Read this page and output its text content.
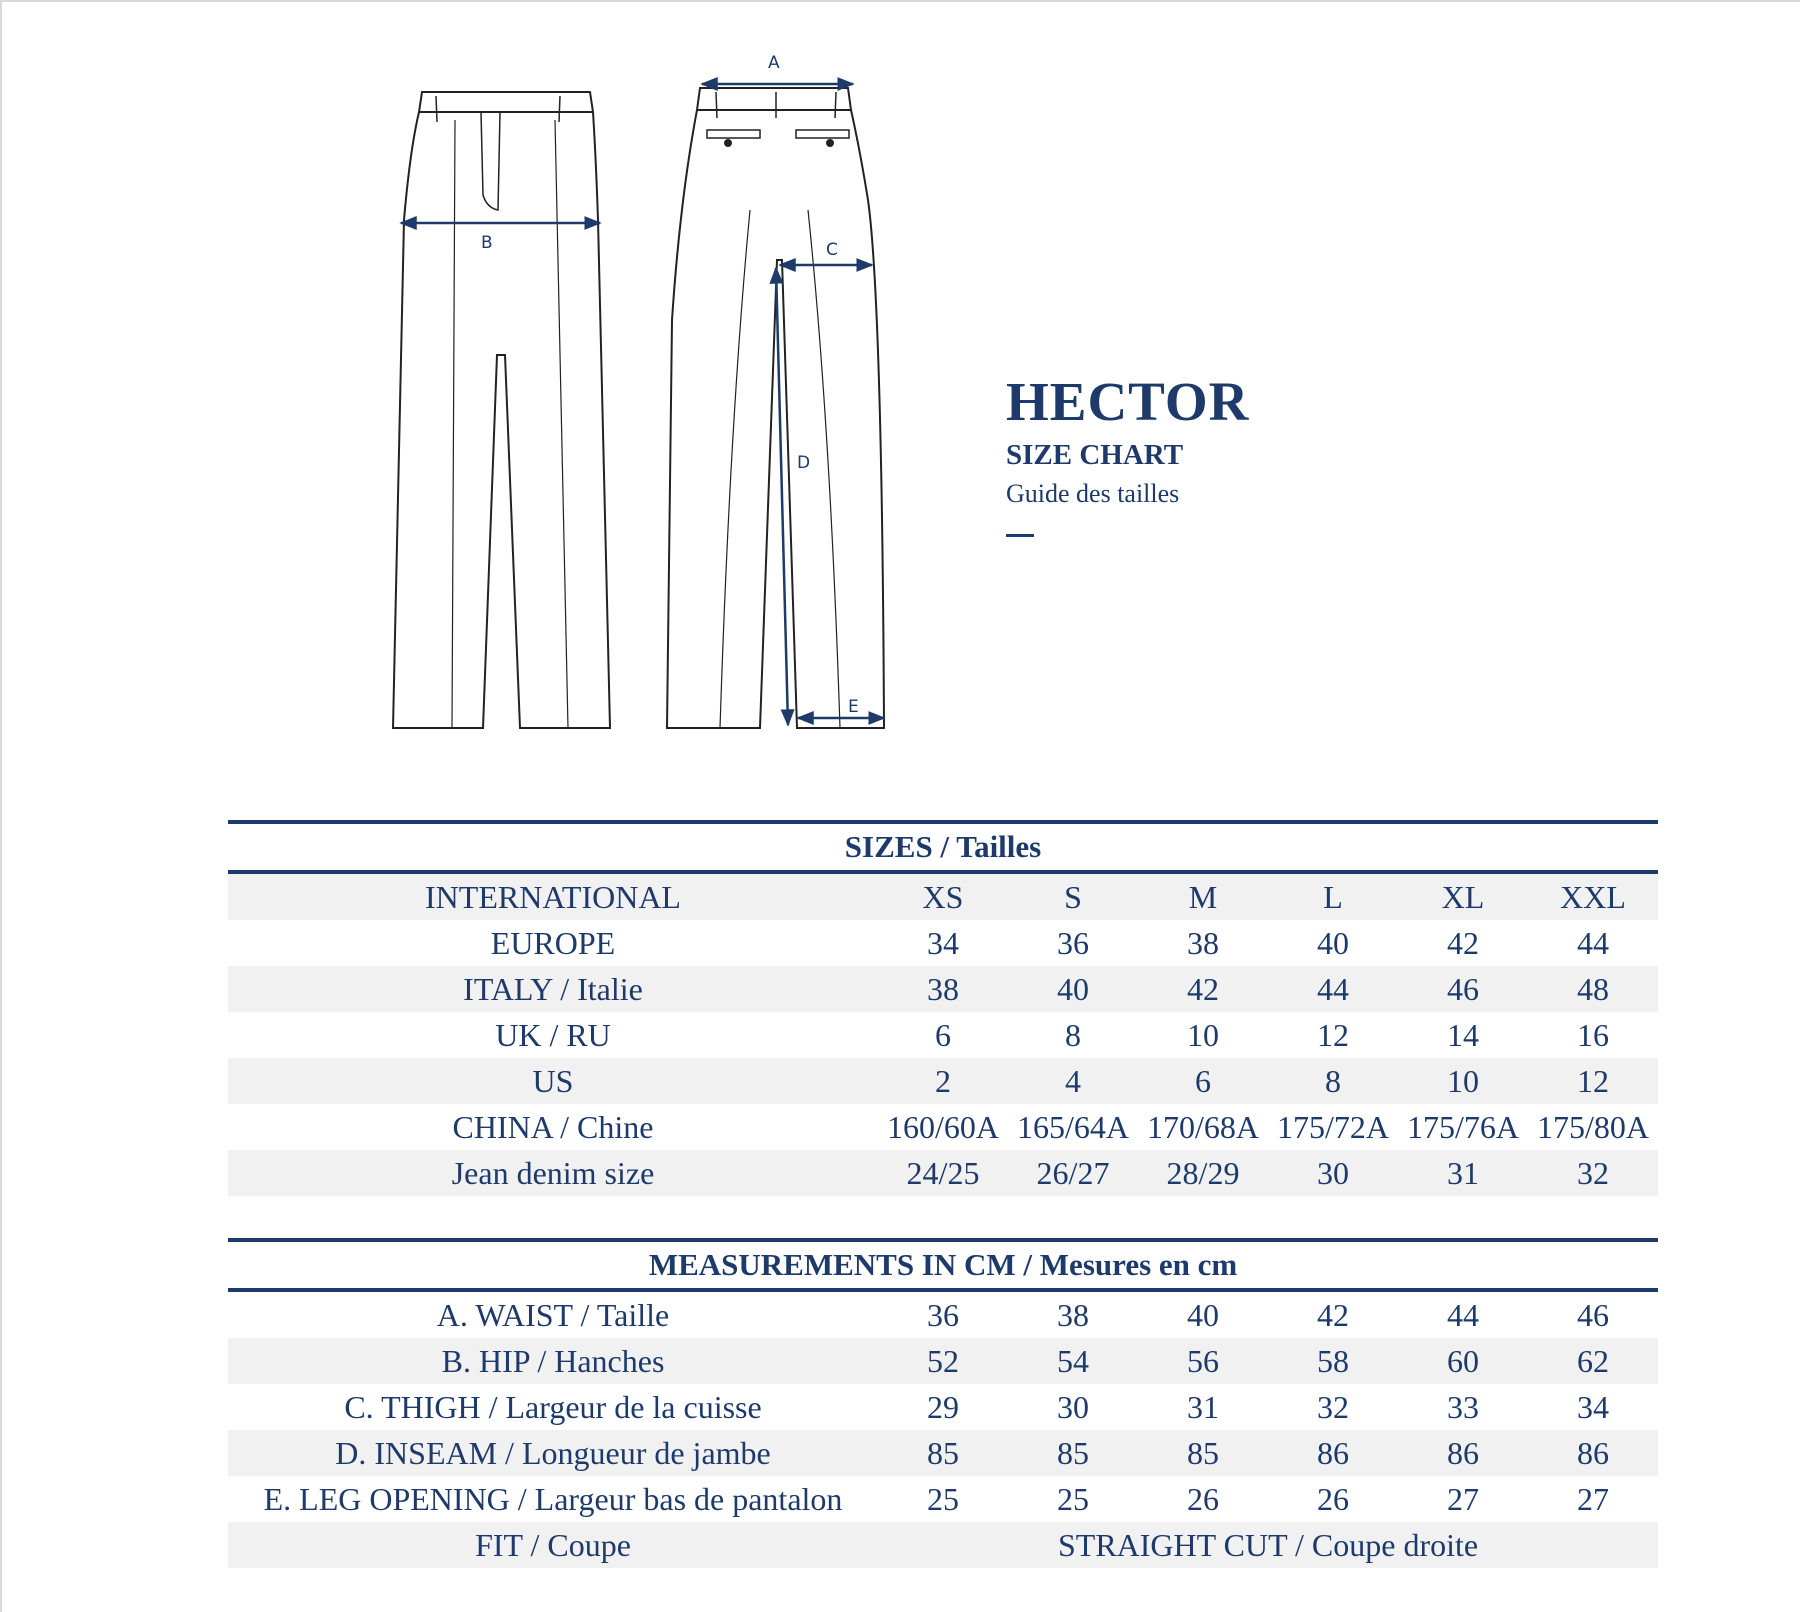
A
B	C
D
E
HECTOR
SIZE CHART
Guide des tailles
SIZES / Tailles						
INTERNATIONAL	XS	S	M	L	XL	XXL
EUROPE	34	36	38	40	42	44
ITALY / Italie	38	40	42	44	46	48
UK / RU	6	8	10	12	14	16
US	2	4	6	8	10	12
CHINA / Chine	160/60A	165/64A	170/68A	175/72A	175/76A	175/80A
Jean denim size	24/25	26/27	28/29	30	31	32
MEASUREMENTS IN CM / Mesures en cm						
A. WAIST / Taille	36	38	40	42	44	46
B. HIP / Hanches	52	54	56	58	60	62
C. THIGH / Largeur de la cuisse	29	30	31	32	33	34
D. INSEAM / Longueur de jambe	85	85	85	86	86	86
E. LEG OPENING / Largeur bas de pantalon	25	25	26	26	27	27
FIT / Coupe	STRAIGHT CUT / Coupe droite					
